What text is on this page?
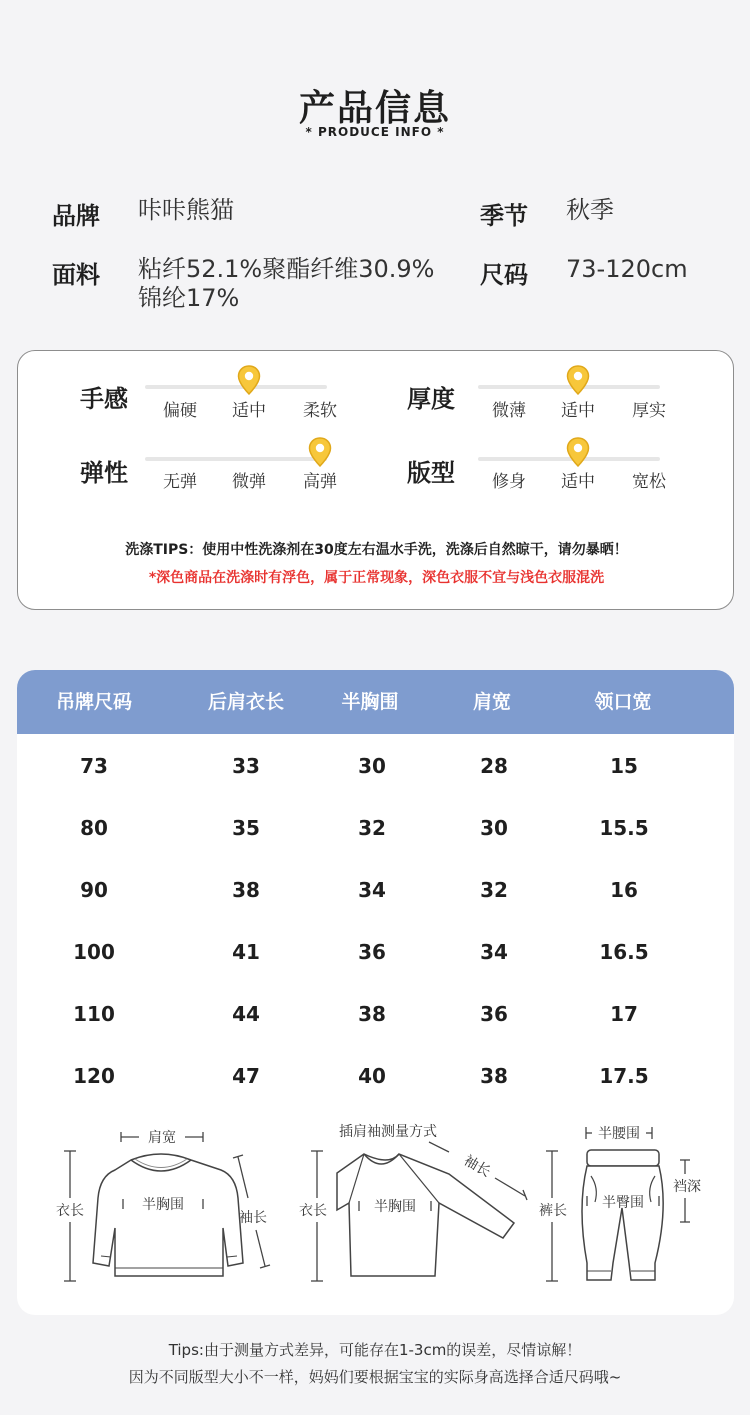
产品信息
* PRODUCE INFO *
品牌 咔咔熊猫	季节 秋季
面料 粘纤52.1%聚酯纤维30.9%
锦纶17%
尺码 73-120cm
手感	偏硬	适中	柔软	厚度	微薄	适中	厚实
弹性	无弹	微弹	高弹	版型	修身	适中	宽松
洗涤TIPS：使用中性洗涤剂在30度左右温水手洗，洗涤后自然晾干，请勿暴晒！
*深色商品在洗涤时有浮色，属于正常现象，深色衣服不宜与浅色衣服混洗
吊牌尺码	后肩衣长	半胸围	肩宽	领口宽
73	33	30	28	15
80	35	32	30	15.5
90	38	34	32	16
100	41	36	34	16.5
110	44	38	36	17
120	47	40	38	17.5
肩宽
衣长	半胸围
袖长
插肩袖测量方式
衣长	半胸围
袖长
半腰围
裤长	半臀围
裆深
Tips:由于测量方式差异，可能存在1-3cm的误差，尽情谅解！
因为不同版型大小不一样，妈妈们要根据宝宝的实际身高选择合适尺码哦~
